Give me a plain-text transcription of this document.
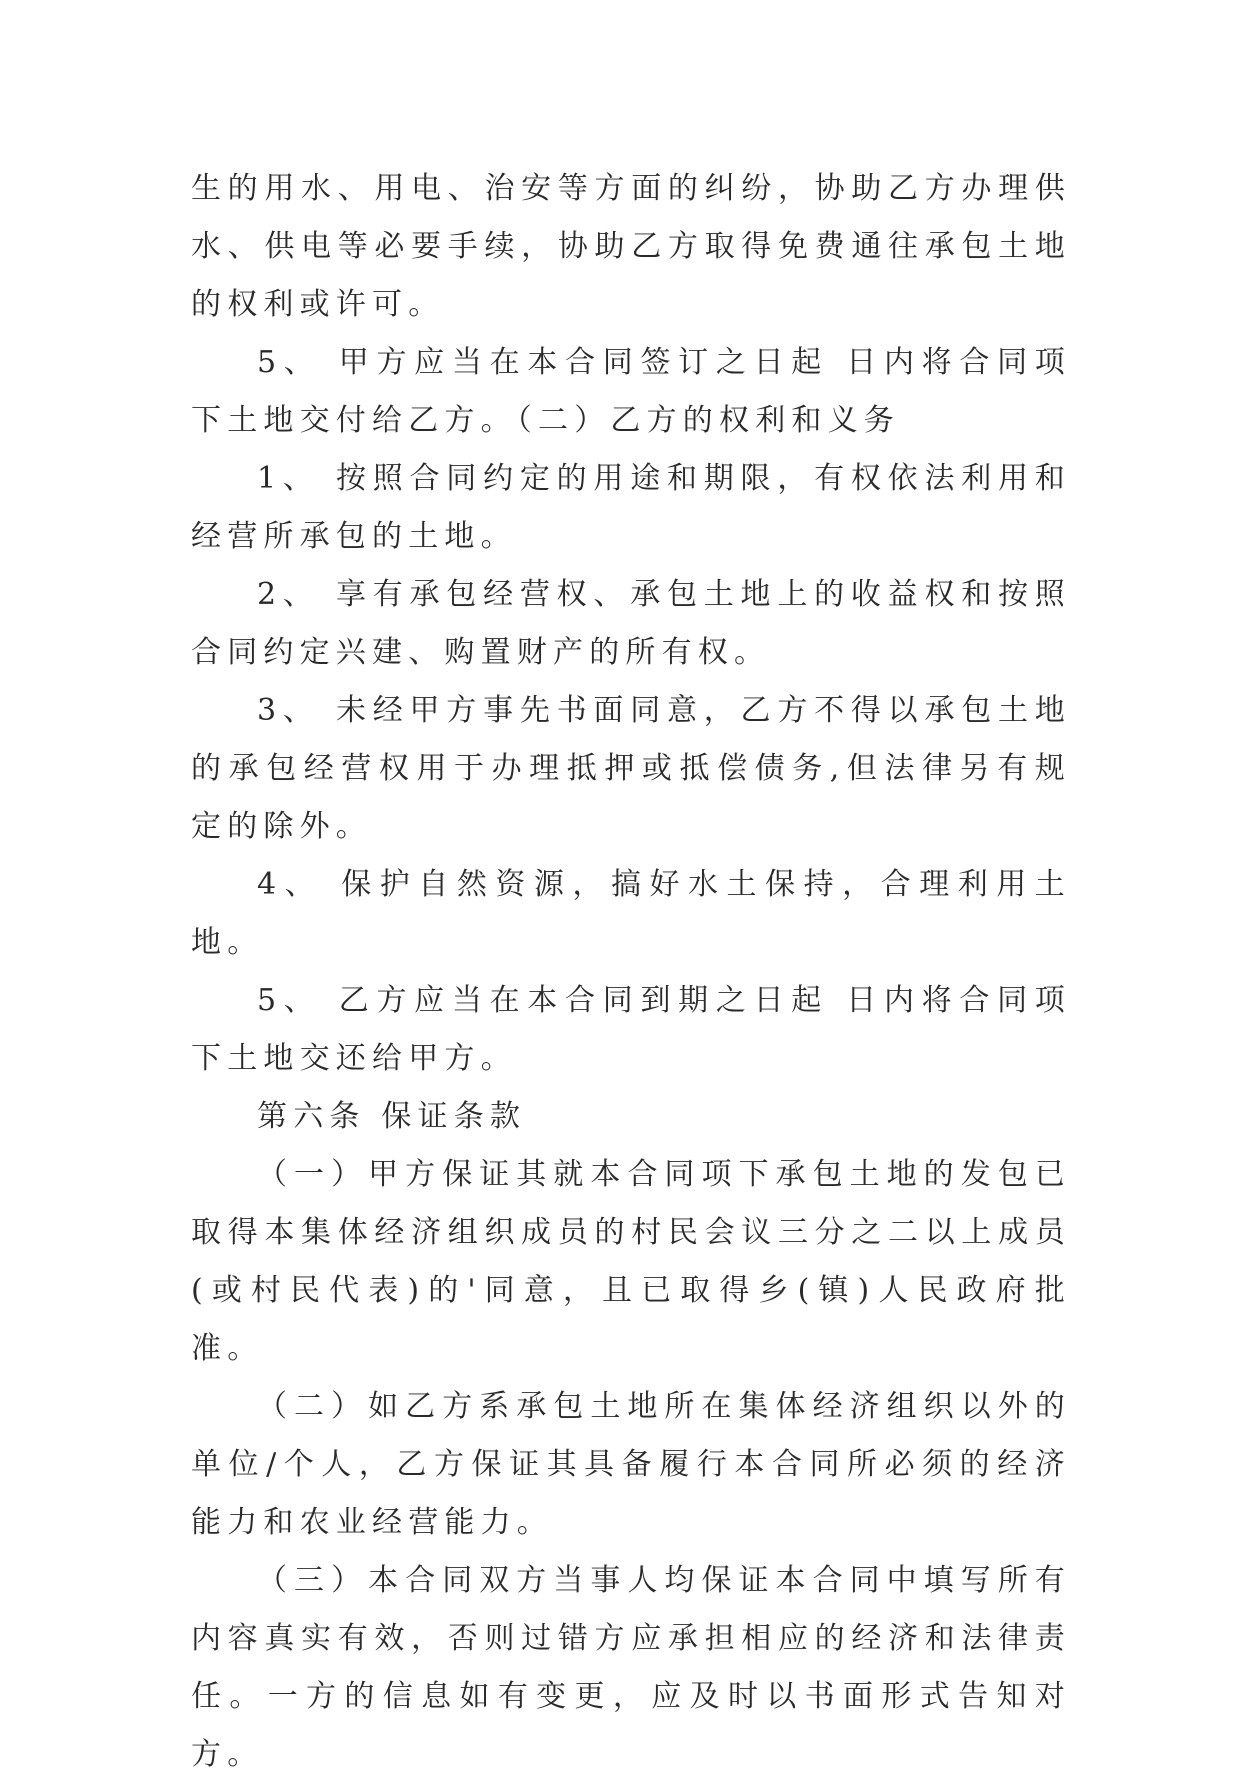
生的用水、用电、治安等方面的纠纷，协助乙方办理供水、供电等必要手续，协助乙方取得免费通往承包土地的权利或许可。

5、 甲方应当在本合同签订之日起 日内将合同项下土地交付给乙方。（二）乙方的权利和义务

1、 按照合同约定的用途和期限，有权依法利用和经营所承包的土地。

2、 享有承包经营权、承包土地上的收益权和按照合同约定兴建、购置财产的所有权。

3、 未经甲方事先书面同意，乙方不得以承包土地的承包经营权用于办理抵押或抵偿债务,但法律另有规定的除外。

4、 保护自然资源，搞好水土保持，合理利用土地。

5、 乙方应当在本合同到期之日起 日内将合同项下土地交还给甲方。

第六条 保证条款

（一）甲方保证其就本合同项下承包土地的发包已取得本集体经济组织成员的村民会议三分之二以上成员(或村民代表)的'同意，且已取得乡(镇)人民政府批准。

（二）如乙方系承包土地所在集体经济组织以外的单位/个人，乙方保证其具备履行本合同所必须的经济能力和农业经营能力。

（三）本合同双方当事人均保证本合同中填写所有内容真实有效，否则过错方应承担相应的经济和法律责任。一方的信息如有变更，应及时以书面形式告知对方。
